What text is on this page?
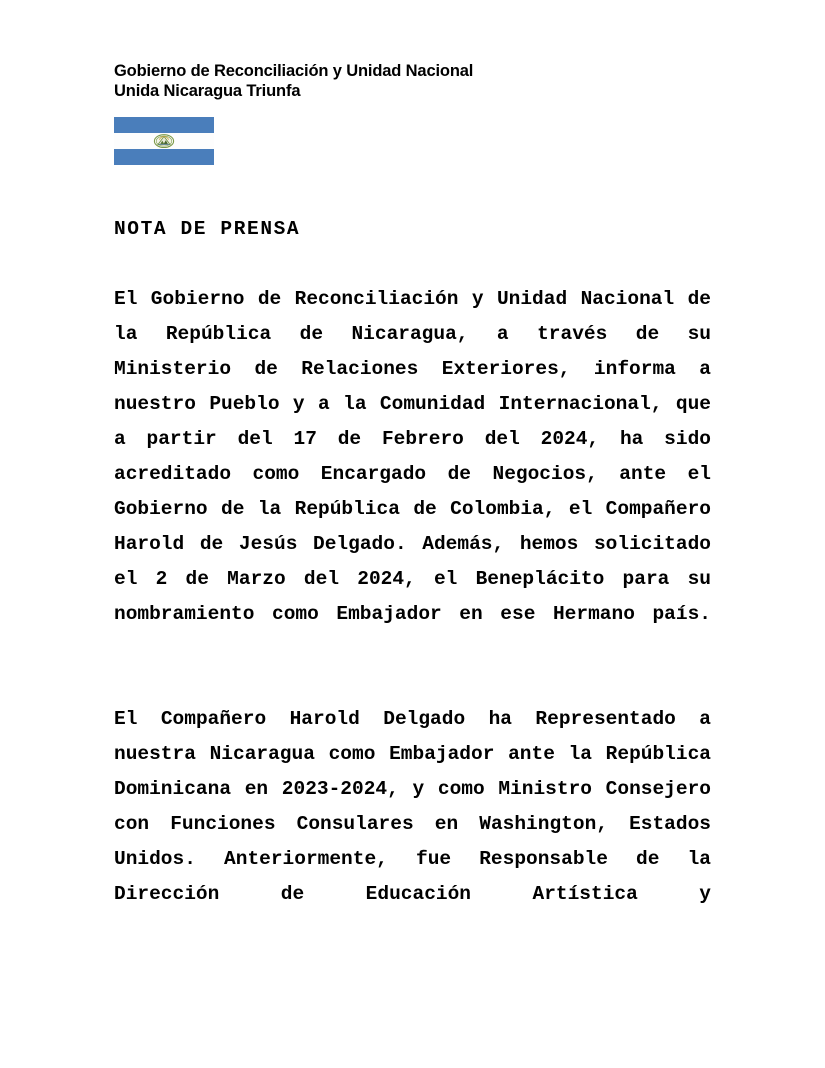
Gobierno de Reconciliación y Unidad Nacional
Unida Nicaragua Triunfa
NOTA DE PRENSA

El Gobierno de Reconciliación y Unidad Nacional de la República de Nicaragua, a través de su Ministerio de Relaciones Exteriores, informa a nuestro Pueblo y a la Comunidad Internacional, que a partir del 17 de Febrero del 2024, ha sido acreditado como Encargado de Negocios, ante el Gobierno de la República de Colombia, el Compañero Harold de Jesús Delgado. Además, hemos solicitado el 2 de Marzo del 2024, el Beneplácito para su nombramiento como Embajador en ese Hermano país.

El Compañero Harold Delgado ha Representado a nuestra Nicaragua como Embajador ante la República Dominicana en 2023-2024, y como Ministro Consejero con Funciones Consulares en Washington, Estados Unidos. Anteriormente, fue Responsable de la Dirección de Educación Artística y
